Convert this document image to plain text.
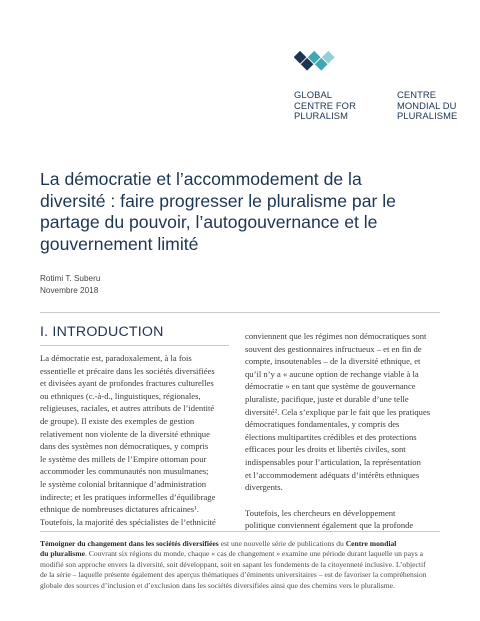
GLOBAL
CENTRE FOR
PLURALISM
CENTRE
MONDIAL DU
PLURALISME
La démocratie et l’accommodement de la
diversité : faire progresser le pluralisme par le
partage du pouvoir, l’autogouvernance et le
gouvernement limité
Rotimi T. Suberu
Novembre 2018
I. INTRODUCTION
La démocratie est, paradoxalement, à la fois
essentielle et précaire dans les sociétés diversifiées
et divisées ayant de profondes fractures culturelles
ou ethniques (c.-à-d., linguistiques, régionales,
religieuses, raciales, et autres attributs de l’identité
de groupe). Il existe des exemples de gestion
relativement non violente de la diversité ethnique
dans des systèmes non démocratiques, y compris
le système des millets de l’Empire ottoman pour
accommoder les communautés non musulmanes;
le système colonial britannique d’administration
indirecte; et les pratiques informelles d’équilibrage
ethnique de nombreuses dictatures africaines¹.
Toutefois, la majorité des spécialistes de l’ethnicité
conviennent que les régimes non démocratiques sont
souvent des gestionnaires infructueux – et en fin de
compte, insoutenables – de la diversité ethnique, et
qu’il n’y a « aucune option de rechange viable à la
démocratie » en tant que système de gouvernance
pluraliste, pacifique, juste et durable d’une telle
diversité². Cela s’explique par le fait que les pratiques
démocratiques fondamentales, y compris des
élections multipartites crédibles et des protections
efficaces pour les droits et libertés civiles, sont
indispensables pour l’articulation, la représentation
et l’accommodement adéquats d’intérêts ethniques
divergents.
Toutefois, les chercheurs en développement
politique conviennent également que la profonde
Témoigner du changement dans les sociétés diversifiées est une nouvelle série de publications du Centre mondial
du pluralisme. Couvrant six régions du monde, chaque « cas de changement » examine une période durant laquelle un pays a
modifié son approche envers la diversité, soit développant, soit en sapant les fondements de la citoyenneté inclusive. L’objectif
de la série – laquelle présente également des aperçus thématiques d’éminents universitaires – est de favoriser la compréhension
globale des sources d’inclusion et d’exclusion dans les sociétés diversifiées ainsi que des chemins vers le pluralisme.
